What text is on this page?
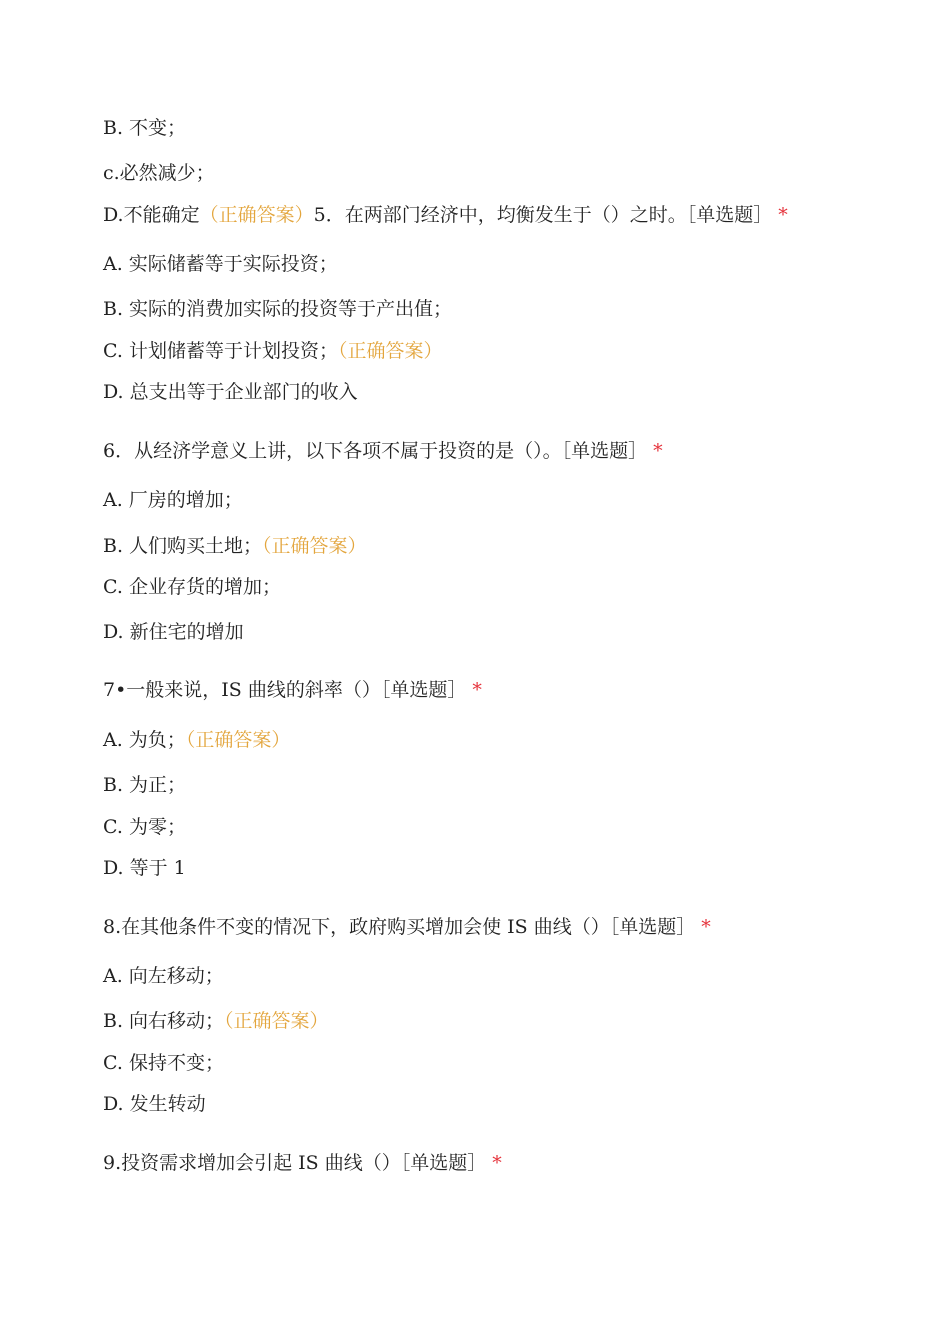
B. 不变；
c.必然减少；
D.不能确定（正确答案）5．在两部门经济中，均衡发生于（）之时。［单选题］ *
A. 实际储蓄等于实际投资；
B. 实际的消费加实际的投资等于产出值；
C. 计划储蓄等于计划投资；（正确答案）
D. 总支出等于企业部门的收入
6．从经济学意义上讲，以下各项不属于投资的是（）。［单选题］ *
A. 厂房的增加；
B. 人们购买土地；（正确答案）
C. 企业存货的增加；
D. 新住宅的增加
7•一般来说，IS 曲线的斜率（）［单选题］ *
A. 为负；（正确答案）
B. 为正；
C. 为零；
D. 等于 1
8.在其他条件不变的情况下，政府购买增加会使 IS 曲线（）［单选题］ *
A. 向左移动；
B. 向右移动；（正确答案）
C. 保持不变；
D. 发生转动
9.投资需求增加会引起 IS 曲线（）［单选题］ *
